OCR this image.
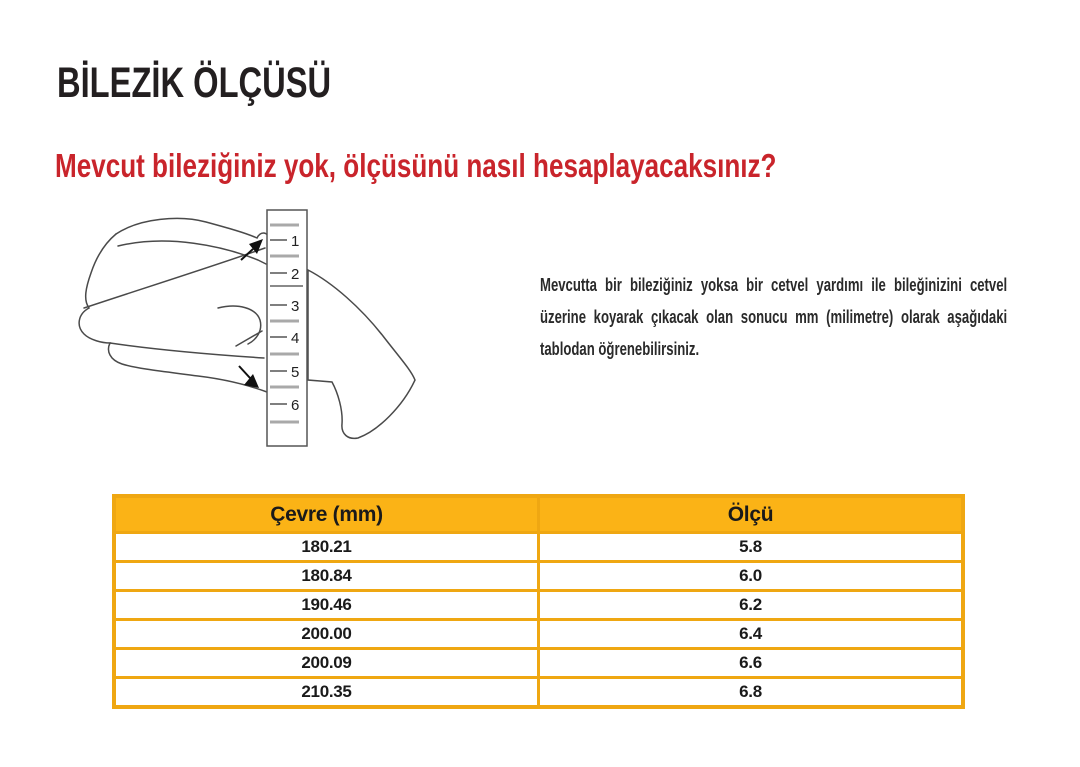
BİLEZİK ÖLÇÜSÜ
Mevcut bileziğiniz yok, ölçüsünü nasıl hesaplayacaksınız?

Mevcutta bir bileziğiniz yoksa bir cetvel yardımı ile bileğinizini cetvel üzerine koyarak çıkacak olan sonucu mm (milimetre) olarak aşağıdaki tablodan öğrenebilirsiniz.

1
2
3
4
5
6
Çevre (mm)	Ölçü
180.21	5.8
180.84	6.0
190.46	6.2
200.00	6.4
200.09	6.6
210.35	6.8
